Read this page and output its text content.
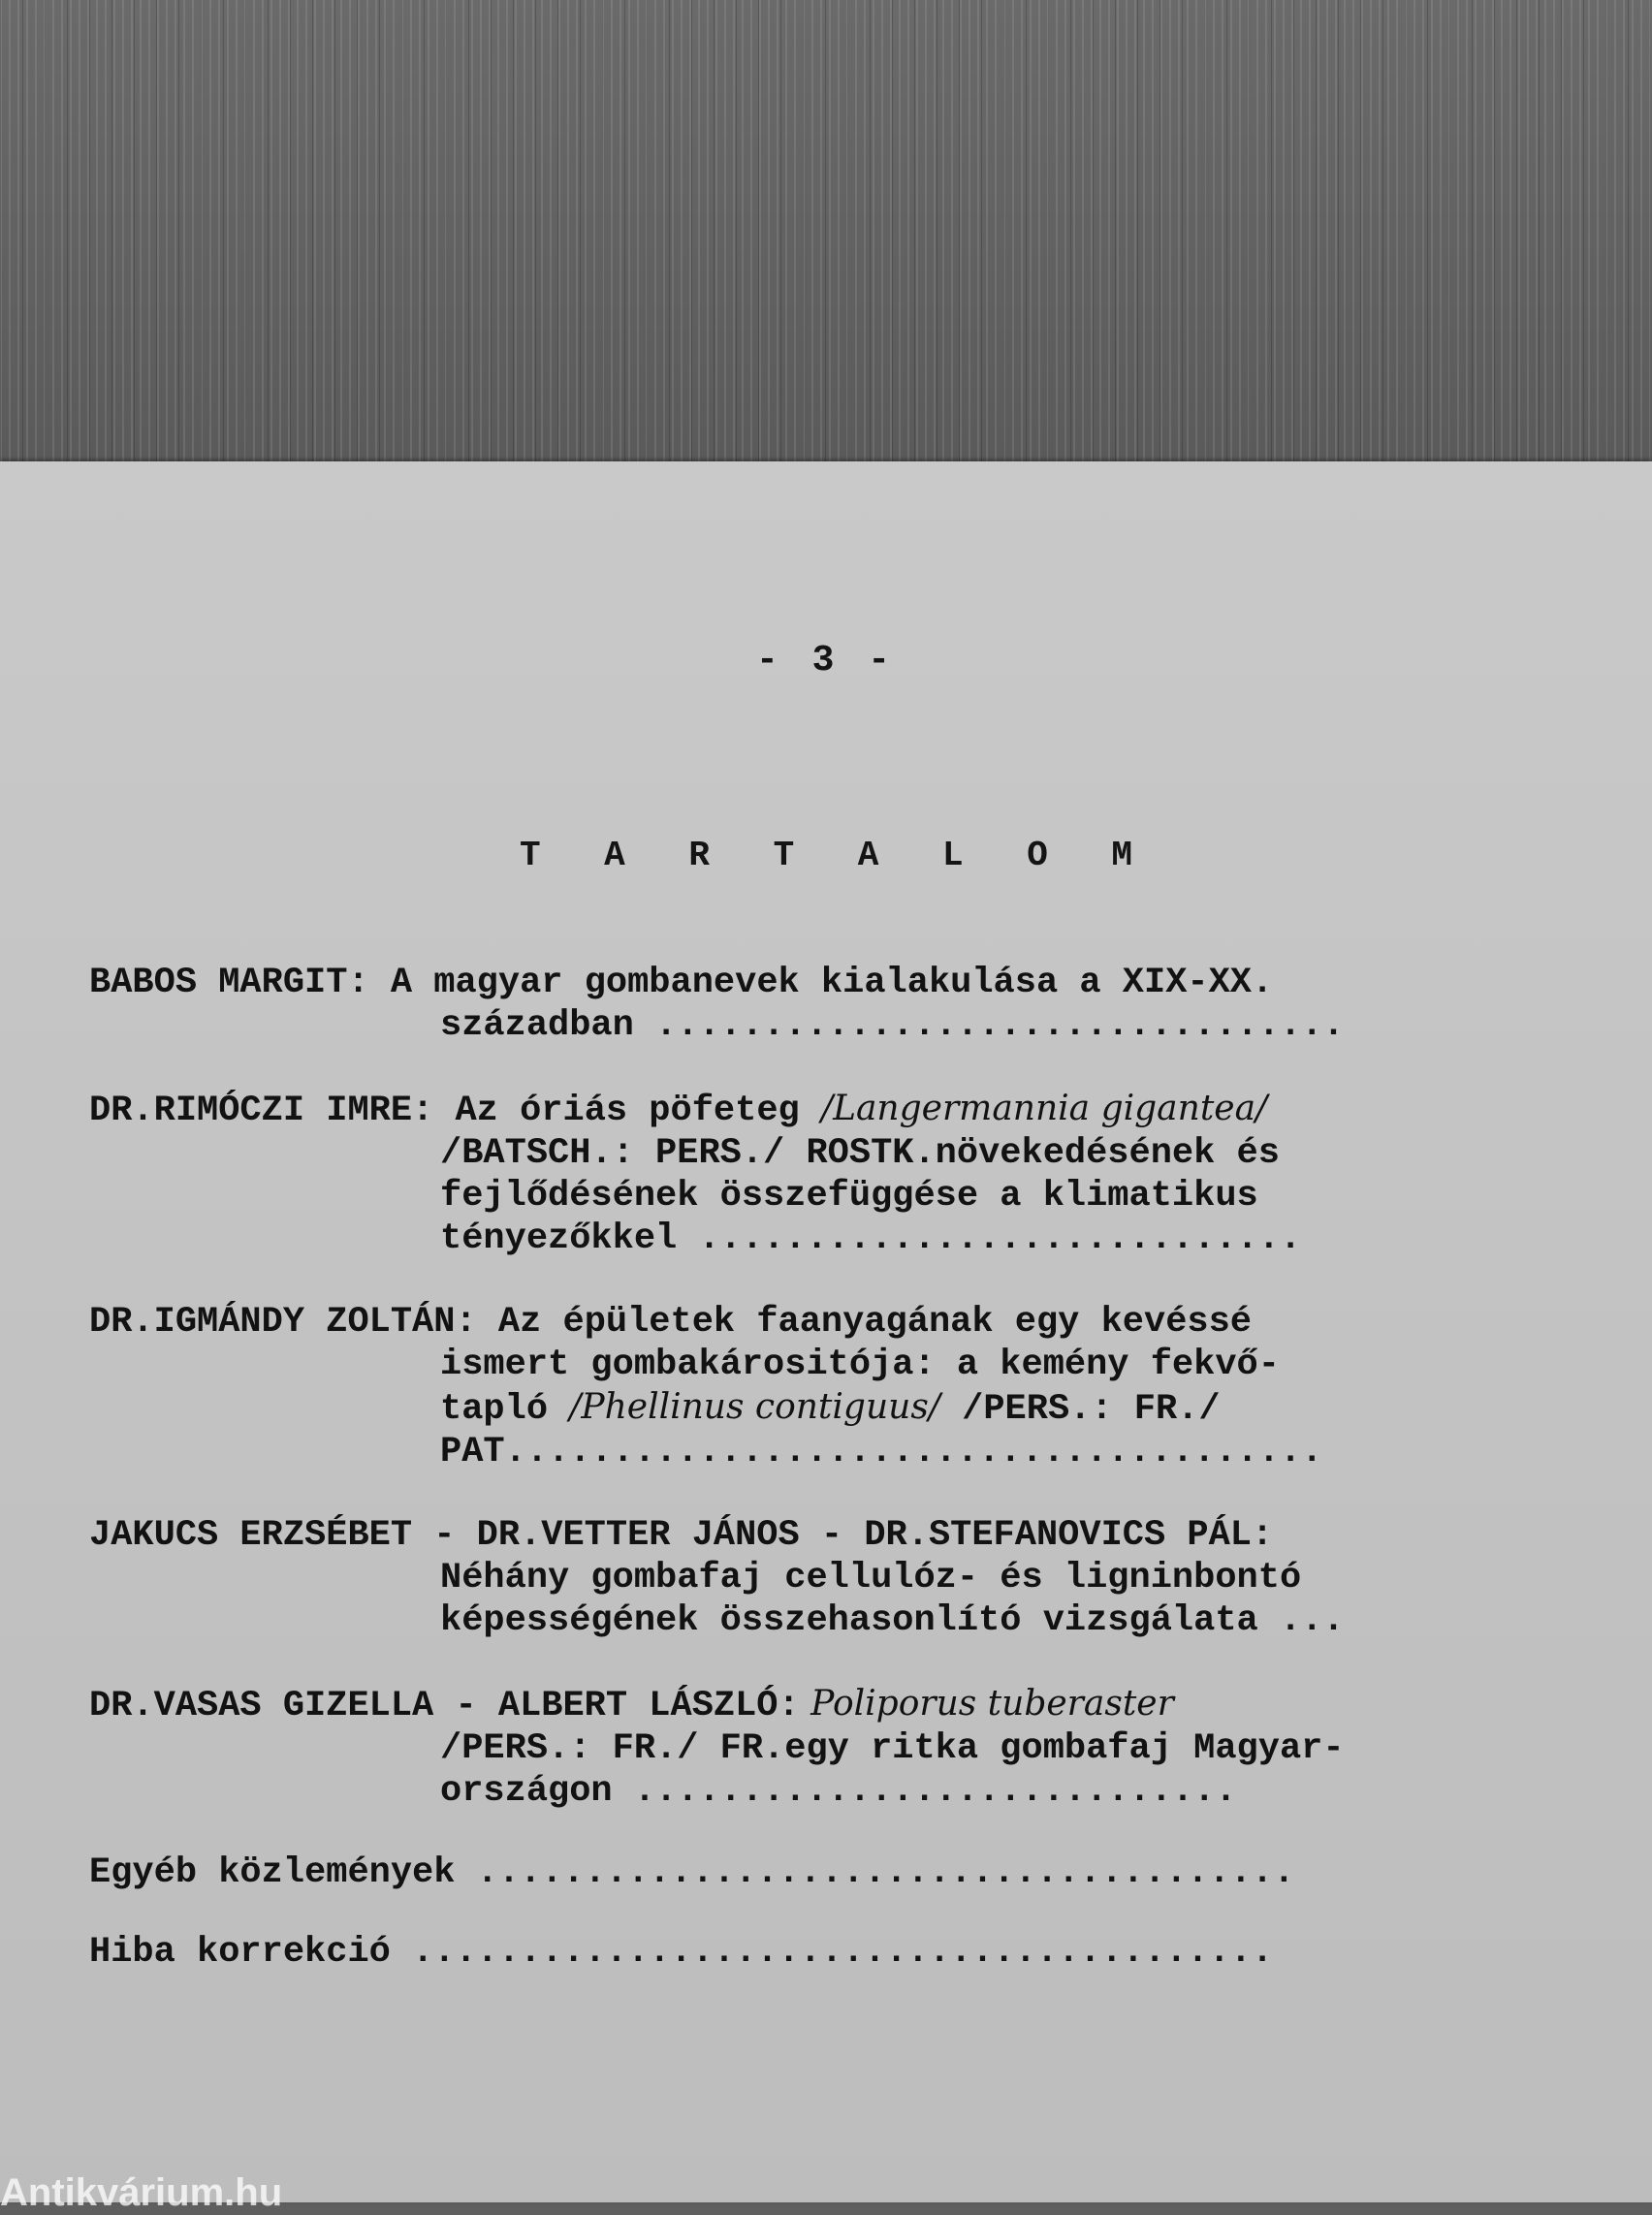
- 3 -
T A R T A L O M
BABOS MARGIT: A magyar gombanevek kialakulása a XIX-XX.
században ................................
DR.RIMÓCZI IMRE: Az óriás pöfeteg /Langermannia gigantea/
/BATSCH.: PERS./ ROSTK.növekedésének és
fejlődésének összefüggése a klimatikus
tényezőkkel ............................
DR.IGMÁNDY ZOLTÁN: Az épületek faanyagának egy kevéssé
ismert gombakárositója: a kemény fekvő-
tapló /Phellinus contiguus/ /PERS.: FR./
PAT......................................
JAKUCS ERZSÉBET - DR.VETTER JÁNOS - DR.STEFANOVICS PÁL:
Néhány gombafaj cellulóz- és ligninbontó
képességének összehasonlító vizsgálata ...
DR.VASAS GIZELLA - ALBERT LÁSZLÓ: Poliporus tuberaster
/PERS.: FR./ FR.egy ritka gombafaj Magyar-
országon ............................
Egyéb közlemények ......................................
Hiba korrekció ........................................
Antikvárium.hu
